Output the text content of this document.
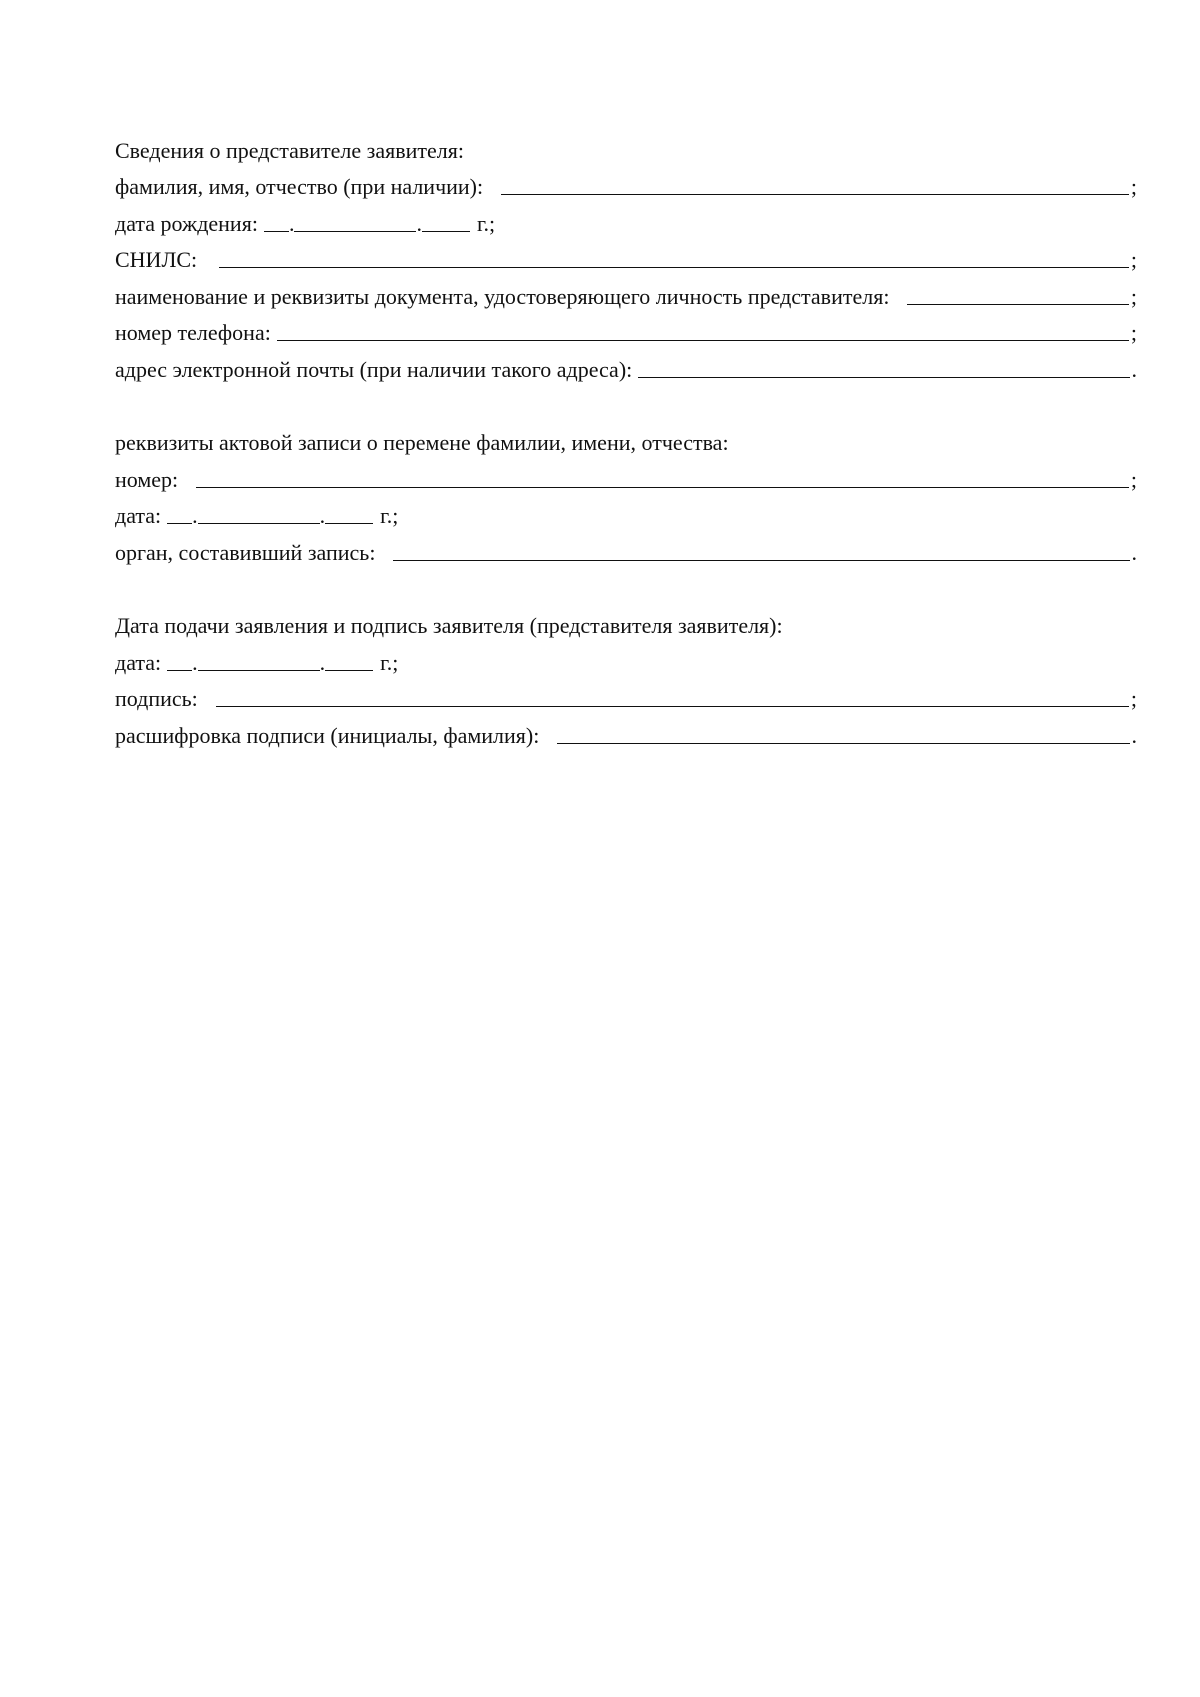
Сведения о представителе заявителя:
фамилия, имя, отчество (при наличии):	;
дата рождения: .	.	г.;
СНИЛС:	;
наименование и реквизиты документа, удостоверяющего личность представителя:	;
номер телефона:	;
адрес электронной почты (при наличии такого адреса):	.
реквизиты актовой записи о перемене фамилии, имени, отчества:
номер:	;
дата: .	.	г.;
орган, составивший запись:	.
Дата подачи заявления и подпись заявителя (представителя заявителя):
дата: .	.	г.;
подпись:	;
расшифровка подписи (инициалы, фамилия):	.
